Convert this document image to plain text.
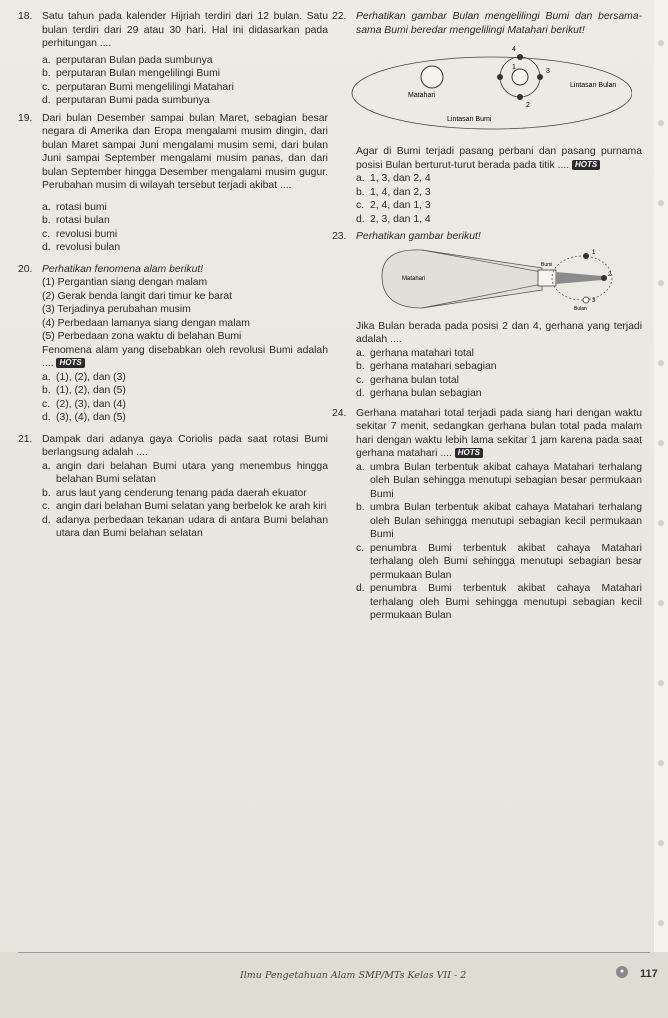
18. Satu tahun pada kalender Hijriah terdiri dari 12 bulan. Satu bulan terdiri dari 29 atau 30 hari. Hal ini didasarkan pada perhitungan ....
a. perputaran Bulan pada sumbunya
b. perputaran Bulan mengelilingi Bumi
c. perputaran Bumi mengelilingi Matahari
d. perputaran Bumi pada sumbunya
19. Dari bulan Desember sampai bulan Maret, sebagian besar negara di Amerika dan Eropa mengalami musim dingin, dari bulan Maret sampai Juni mengalami musim semi, dari bulan Juni sampai September mengalami musim panas, dan dari bulan September hingga Desember mengalami musim gugur. Perubahan musim di wilayah tersebut terjadi akibat ....
a. rotasi bumi
b. rotasi bulan
c. revolusi bumi
d. revolusi bulan
20. Perhatikan fenomena alam berikut!
(1) Pergantian siang dengan malam
(2) Gerak benda langit dari timur ke barat
(3) Terjadinya perubahan musim
(4) Perbedaan lamanya siang dengan malam
(5) Perbedaan zona waktu di belahan Bumi
Fenomena alam yang disebabkan oleh revolusi Bumi adalah .... HOTS
a. (1), (2), dan (3)
b. (1), (2), dan (5)
c. (2), (3), dan (4)
d. (3), (4), dan (5)
21. Dampak dari adanya gaya Coriolis pada saat rotasi Bumi berlangsung adalah ....
a. angin dari belahan Bumi utara yang menembus hingga belahan Bumi selatan
b. arus laut yang cenderung tenang pada daerah ekuator
c. angin dari belahan Bumi selatan yang berbelok ke arah kiri
d. adanya perbedaan tekanan udara di antara Bumi belahan utara dan Bumi belahan selatan
22. Perhatikan gambar Bulan mengelilingi Bumi dan bersama-sama Bumi beredar mengelilingi Matahari berikut!
1
2
3
4
Matahari
Lintasan Bulan
Lintasan Bumi
Agar di Bumi terjadi pasang perbani dan pasang purnama posisi Bulan berturut-turut berada pada titik .... HOTS
a. 1, 3, dan 2, 4
b. 1, 4, dan 2, 3
c. 2, 4, dan 1, 3
d. 2, 3, dan 1, 4
23. Perhatikan gambar berikut!
1
2
3
Matahari
Bumi
Bulan
Jika Bulan berada pada posisi 2 dan 4, gerhana yang terjadi adalah ....
a. gerhana matahari total
b. gerhana matahari sebagian
c. gerhana bulan total
d. gerhana bulan sebagian
24. Gerhana matahari total terjadi pada siang hari dengan waktu sekitar 7 menit, sedangkan gerhana bulan total pada malam hari dengan waktu lebih lama sekitar 1 jam karena pada saat gerhana matahari .... HOTS
a. umbra Bulan terbentuk akibat cahaya Matahari terhalang oleh Bulan sehingga menutupi sebagian besar permukaan Bumi
b. umbra Bulan terbentuk akibat cahaya Matahari terhalang oleh Bulan sehingga menutupi sebagian kecil permukaan Bumi
c. penumbra Bumi terbentuk akibat cahaya Matahari terhalang oleh Bumi sehingga menutupi sebagian besar permukaan Bulan
d. penumbra Bumi terbentuk akibat cahaya Matahari terhalang oleh Bumi sehingga menutupi sebagian kecil permukaan Bulan
Ilmu Pengetahuan Alam SMP/MTs Kelas VII - 2	●	117
